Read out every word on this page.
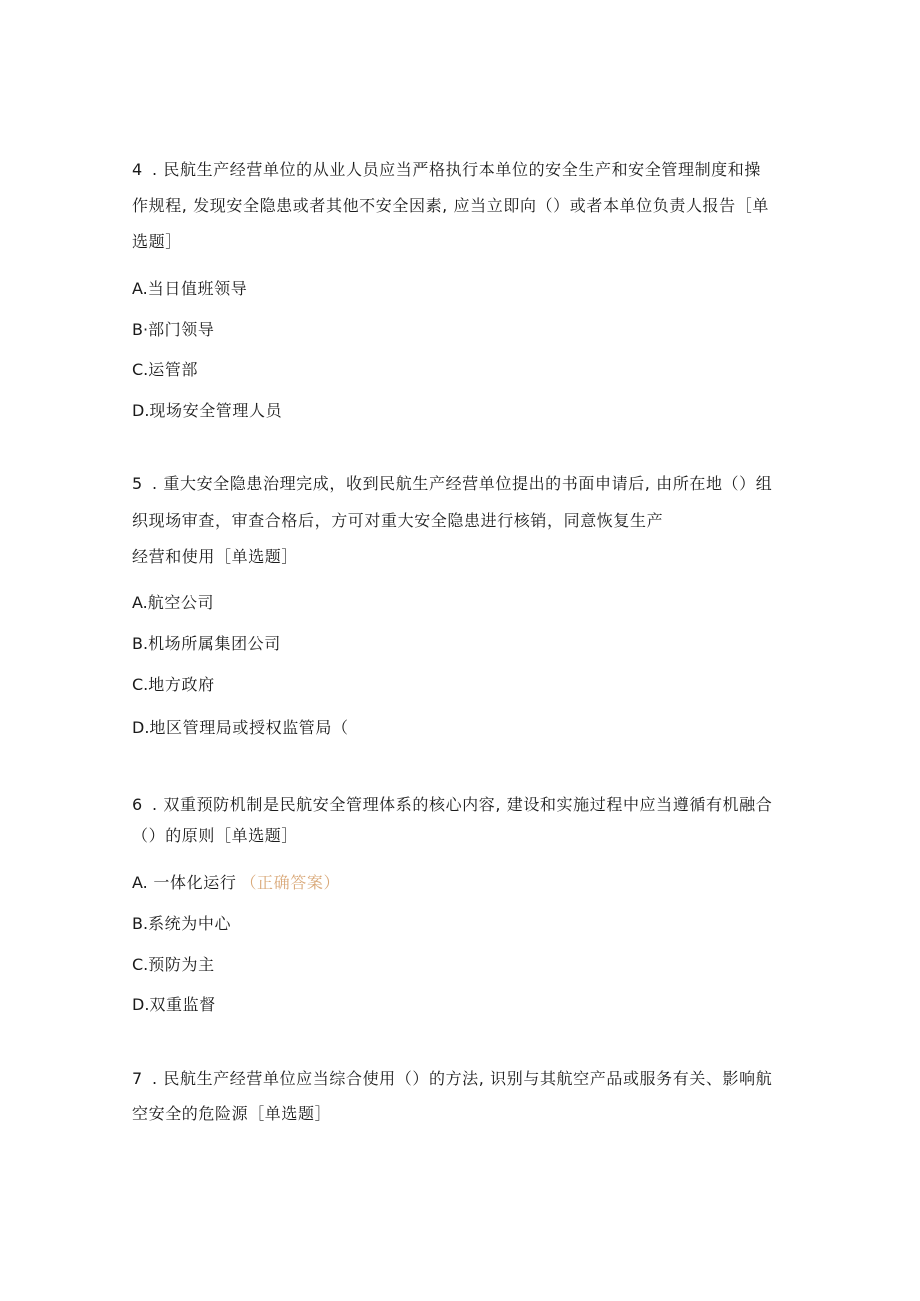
4 . 民航生产经营单位的从业人员应当严格执行本单位的安全生产和安全管理制度和操
作规程, 发现安全隐患或者其他不安全因素, 应当立即向（）或者本单位负责人报告［单
选题］
A.当日值班领导
B·部门领导
C.运管部
D.现场安全管理人员
5 . 重大安全隐患治理完成，收到民航生产经营单位提出的书面申请后, 由所在地（）组
织现场审查，审查合格后，方可对重大安全隐患进行核销，同意恢复生产
经营和使用［单选题］
A.航空公司
B.机场所属集团公司
C.地方政府
D.地区管理局或授权监管局（
6 . 双重预防机制是民航安全管理体系的核心内容, 建设和实施过程中应当遵循有机融合
（）的原则［单选题］
A. 一体化运行 （正确答案）
B.系统为中心
C.预防为主
D.双重监督
7 . 民航生产经营单位应当综合使用（）的方法, 识别与其航空产品或服务有关、影响航
空安全的危险源［单选题］
